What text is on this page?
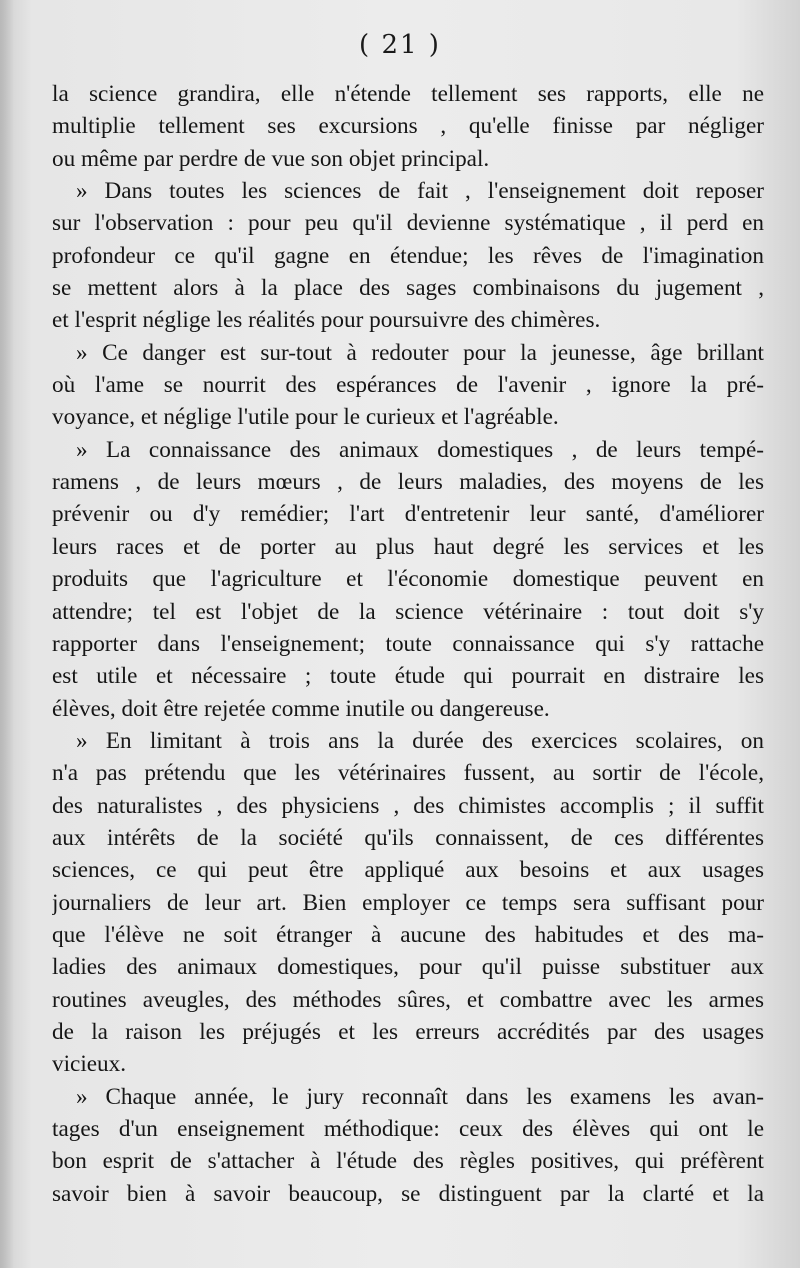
( 21 )
la science grandira, elle n'étende tellement ses rapports, elle ne
multiplie tellement ses excursions , qu'elle finisse par négliger
ou même par perdre de vue son objet principal.
» Dans toutes les sciences de fait , l'enseignement doit reposer
sur l'observation : pour peu qu'il devienne systématique , il perd en
profondeur ce qu'il gagne en étendue; les rêves de l'imagination
se mettent alors à la place des sages combinaisons du jugement ,
et l'esprit néglige les réalités pour poursuivre des chimères.
» Ce danger est sur-tout à redouter pour la jeunesse, âge brillant
où l'ame se nourrit des espérances de l'avenir , ignore la pré-
voyance, et néglige l'utile pour le curieux et l'agréable.
» La connaissance des animaux domestiques , de leurs tempé-
ramens , de leurs mœurs , de leurs maladies, des moyens de les
prévenir ou d'y remédier; l'art d'entretenir leur santé, d'améliorer
leurs races et de porter au plus haut degré les services et les
produits que l'agriculture et l'économie domestique peuvent en
attendre; tel est l'objet de la science vétérinaire : tout doit s'y
rapporter dans l'enseignement; toute connaissance qui s'y rattache
est utile et nécessaire ; toute étude qui pourrait en distraire les
élèves, doit être rejetée comme inutile ou dangereuse.
» En limitant à trois ans la durée des exercices scolaires, on
n'a pas prétendu que les vétérinaires fussent, au sortir de l'école,
des naturalistes , des physiciens , des chimistes accomplis ; il suffit
aux intérêts de la société qu'ils connaissent, de ces différentes
sciences, ce qui peut être appliqué aux besoins et aux usages
journaliers de leur art. Bien employer ce temps sera suffisant pour
que l'élève ne soit étranger à aucune des habitudes et des ma-
ladies des animaux domestiques, pour qu'il puisse substituer aux
routines aveugles, des méthodes sûres, et combattre avec les armes
de la raison les préjugés et les erreurs accrédités par des usages
vicieux.
» Chaque année, le jury reconnaît dans les examens les avan-
tages d'un enseignement méthodique: ceux des élèves qui ont le
bon esprit de s'attacher à l'étude des règles positives, qui préfèrent
savoir bien à savoir beaucoup, se distinguent par la clarté et la
